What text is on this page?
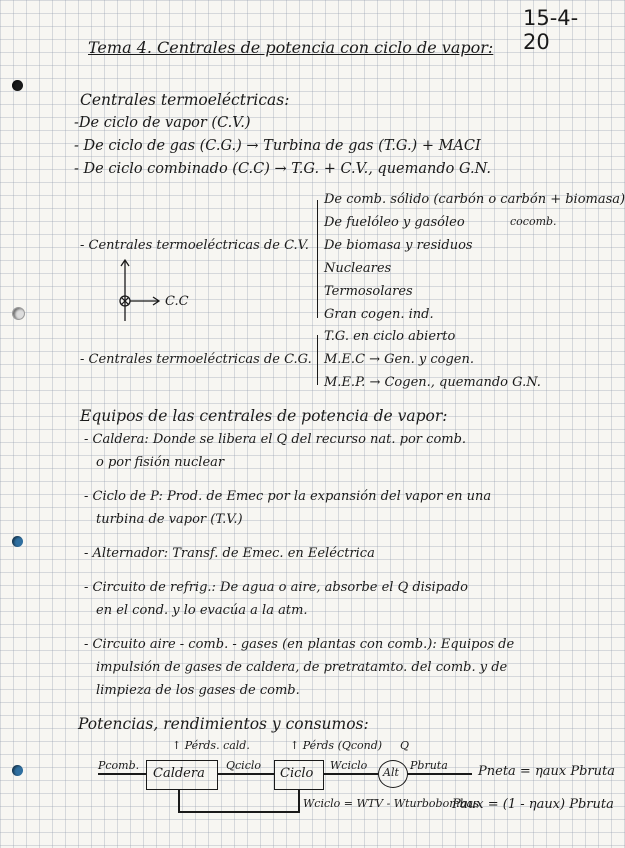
15-4-20
Tema 4. Centrales de potencia con ciclo de vapor:
Centrales termoeléctricas:
-De ciclo de vapor (C.V.)
- De ciclo de gas (C.G.) → Turbina de gas (T.G.) + MACI
- De ciclo combinado (C.C) → T.G. + C.V., quemando G.N.
De comb. sólido (carbón o carbón + biomasa)
cocomb.
De fuelóleo y gasóleo
De biomasa y residuos
Nucleares
Termosolares
Gran cogen. ind.
- Centrales termoeléctricas de C.V.
C.C
T.G. en ciclo abierto
M.E.C → Gen. y cogen.
M.E.P. → Cogen., quemando G.N.
- Centrales termoeléctricas de C.G.
Equipos de las centrales de potencia de vapor:
- Caldera: Donde se libera el Q del recurso nat. por comb.
o por fisión nuclear
- Ciclo de P: Prod. de Emec por la expansión del vapor en una
turbina de vapor (T.V.)
- Alternador: Transf. de Emec. en Eeléctrica
- Circuito de refrig.: De agua o aire, absorbe el Q disipado
en el cond. y lo evacúa a la atm.
- Circuito aire - comb. - gases (en plantas con comb.): Equipos de
impulsión de gases de caldera, de pretratamto. del comb. y de
limpieza de los gases de comb.
Potencias, rendimientos y consumos:
↑ Pérds. cald.	↑ Pérds (Qcond) Q
Pcomb.
Caldera
Qciclo
Ciclo
Wciclo
Alt
Pbruta Pneta = ηaux Pbruta
Wciclo = WTV - Wturbobombas
Paux = (1 - ηaux) Pbruta
